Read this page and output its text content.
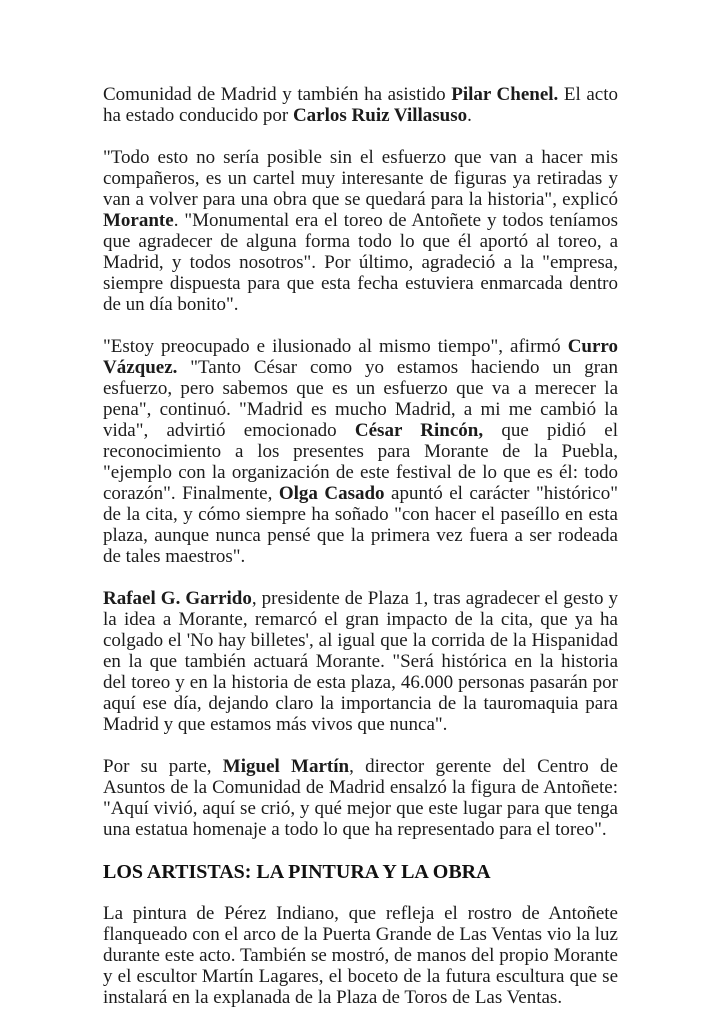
Comunidad de Madrid y también ha asistido Pilar Chenel. El acto ha estado conducido por Carlos Ruiz Villasuso.

"Todo esto no sería posible sin el esfuerzo que van a hacer mis compañeros, es un cartel muy interesante de figuras ya retiradas y van a volver para una obra que se quedará para la historia", explicó Morante. "Monumental era el toreo de Antoñete y todos teníamos que agradecer de alguna forma todo lo que él aportó al toreo, a Madrid, y todos nosotros". Por último, agradeció a la "empresa, siempre dispuesta para que esta fecha estuviera enmarcada dentro de un día bonito".

"Estoy preocupado e ilusionado al mismo tiempo", afirmó Curro Vázquez. "Tanto César como yo estamos haciendo un gran esfuerzo, pero sabemos que es un esfuerzo que va a merecer la pena", continuó. "Madrid es mucho Madrid, a mi me cambió la vida", advirtió emocionado César Rincón, que pidió el reconocimiento a los presentes para Morante de la Puebla, "ejemplo con la organización de este festival de lo que es él: todo corazón". Finalmente, Olga Casado apuntó el carácter "histórico" de la cita, y cómo siempre ha soñado "con hacer el paseíllo en esta plaza, aunque nunca pensé que la primera vez fuera a ser rodeada de tales maestros".

Rafael G. Garrido, presidente de Plaza 1, tras agradecer el gesto y la idea a Morante, remarcó el gran impacto de la cita, que ya ha colgado el 'No hay billetes', al igual que la corrida de la Hispanidad en la que también actuará Morante. "Será histórica en la historia del toreo y en la historia de esta plaza, 46.000 personas pasarán por aquí ese día, dejando claro la importancia de la tauromaquia para Madrid y que estamos más vivos que nunca".

Por su parte, Miguel Martín, director gerente del Centro de Asuntos de la Comunidad de Madrid ensalzó la figura de Antoñete: "Aquí vivió, aquí se crió, y qué mejor que este lugar para que tenga una estatua homenaje a todo lo que ha representado para el toreo".

LOS ARTISTAS: LA PINTURA Y LA OBRA

La pintura de Pérez Indiano, que refleja el rostro de Antoñete flanqueado con el arco de la Puerta Grande de Las Ventas vio la luz durante este acto. También se mostró, de manos del propio Morante y el escultor Martín Lagares, el boceto de la futura escultura que se instalará en la explanada de la Plaza de Toros de Las Ventas.
